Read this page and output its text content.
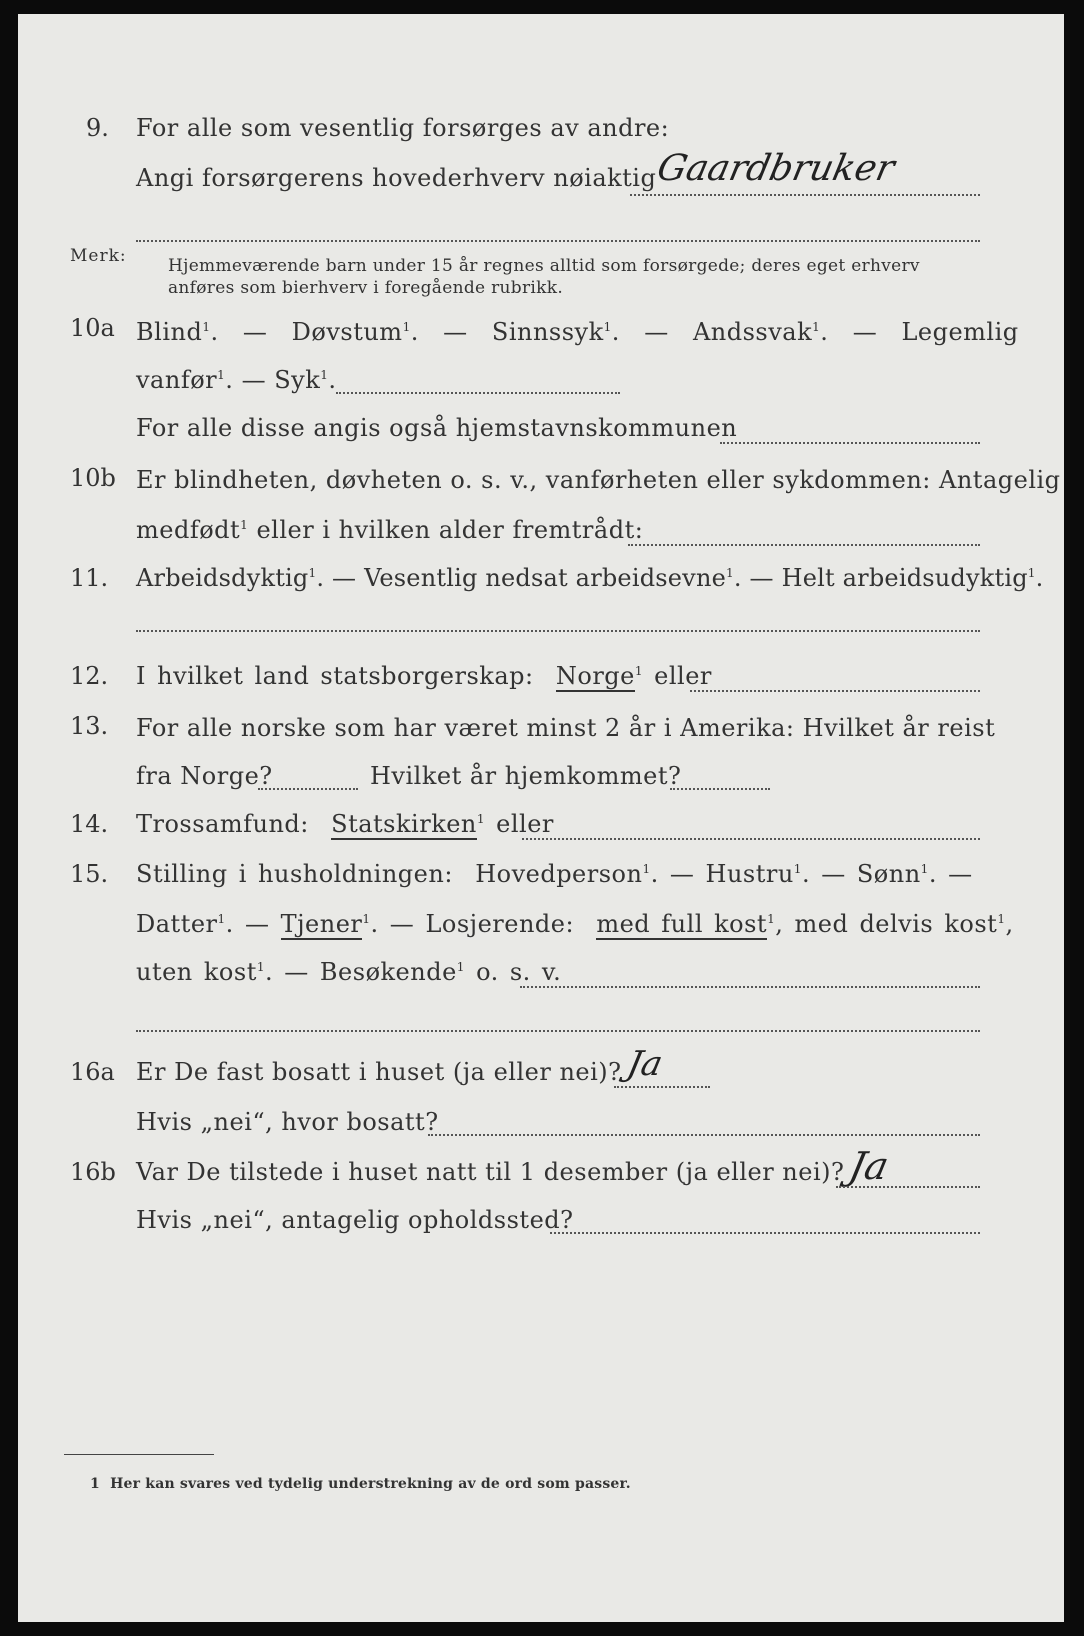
9. For alle som vesentlig forsørges av andre:
Angi forsørgerens hovederhverv nøiaktig
Gaardbruker
Merk: Hjemmeværende barn under 15 år regnes alltid som forsørgede; deres eget erhverv
anføres som bierhverv i foregående rubrikk.
10a Blind$^1$. — Døvstum$^1$. — Sinnssyk$^1$. — Andssvak$^1$. — Legemlig
vanfør$^1$. — Syk$^1$.
For alle disse angis også hjemstavnskommunen
10b Er blindheten, døvheten o. s. v., vanførheten eller sykdommen: Antagelig
medfødt$^1$ eller i hvilken alder fremtrådt:
11. Arbeidsdyktig$^1$. — Vesentlig nedsat arbeidsevne$^1$. — Helt arbeidsudyktig$^1$.
12. I hvilket land statsborgerskap: Norge$^1$ eller
13. For alle norske som har været minst 2 år i Amerika: Hvilket år reist
fra Norge?	Hvilket år hjemkommet?
14. Trossamfund: Statskirken$^1$ eller
15. Stilling i husholdningen: Hovedperson$^1$. — Hustru$^1$. — Sønn$^1$. —
Datter$^1$. — Tjener$^1$. — Losjerende: med full kost$^1$, med delvis kost$^1$,
uten kost$^1$. — Besøkende$^1$ o. s. v.
16a Er De fast bosatt i huset (ja eller nei)? Ja
Hvis „nei“, hvor bosatt?
16b Var De tilstede i huset natt til 1 desember (ja eller nei)? Ja
Hvis „nei“, antagelig opholdssted?
1 Her kan svares ved tydelig understrekning av de ord som passer.
